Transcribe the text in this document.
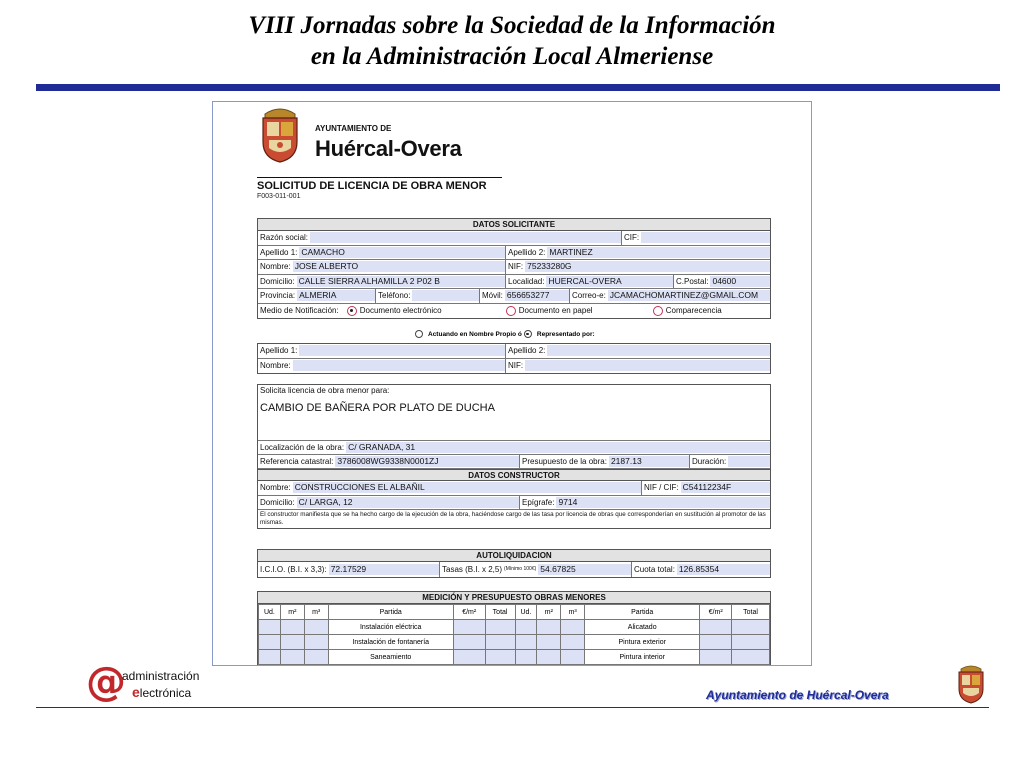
VIII Jornadas sobre la Sociedad de la Información
en la Administración Local Almeriense
AYUNTAMIENTO DE
Huércal-Overa
SOLICITUD DE LICENCIA DE OBRA MENOR
F003-011-001
DATOS SOLICITANTE
Razón social:	CIF:
Apellido 1: CAMACHO	Apellido 2: MARTINEZ
Nombre: JOSE ALBERTO	NIF: 75233280G
Domicilio: CALLE SIERRA ALHAMILLA 2 P02 B	Localidad: HUERCAL-OVERA	C.Postal: 04600
Provincia: ALMERIA	Teléfono:	Móvil: 656653277	Correo-e: JCAMACHOMARTINEZ@GMAIL.COM
Medio de Notificación:	Documento electrónico	Documento en papel	Comparecencia
Actuando en Nombre Propio ó Representado por:
Apellido 1:	Apellido 2:
Nombre:	NIF:
Solicita licencia de obra menor para:
CAMBIO DE BAÑERA POR PLATO DE DUCHA
Localización de la obra: C/ GRANADA, 31
Referencia catastral: 3786008WG9338N0001ZJ	Presupuesto de la obra: 2187.13	Duración:
DATOS CONSTRUCTOR
Nombre: CONSTRUCCIONES EL ALBAÑIL	NIF / CIF: C54112234F
Domicilio: C/ LARGA, 12	Epígrafe: 9714
El constructor manifiesta que se ha hecho cargo de la ejecución de la obra, haciéndose cargo de las tasa por licencia de obras que corresponderían en sustitución al promotor de las mismas.
AUTOLIQUIDACION
I.C.I.O. (B.I. x 3,3): 72.17529	Tasas (B.I. x 2,5) (Mínimo 100€) 54.67825	Cuota total: 126.85354
MEDICIÓN Y PRESUPUESTO OBRAS MENORES
Ud.	m²	m³	Partida	€/m²	Total	Ud.	m²	m³	Partida	€/m²	Total
			Instalación eléctrica						Alicatado		
			Instalación de fontanería						Pintura exterior		
			Saneamiento						Pintura interior		
@
administración
electrónica	Ayuntamiento de Huércal-Overa
